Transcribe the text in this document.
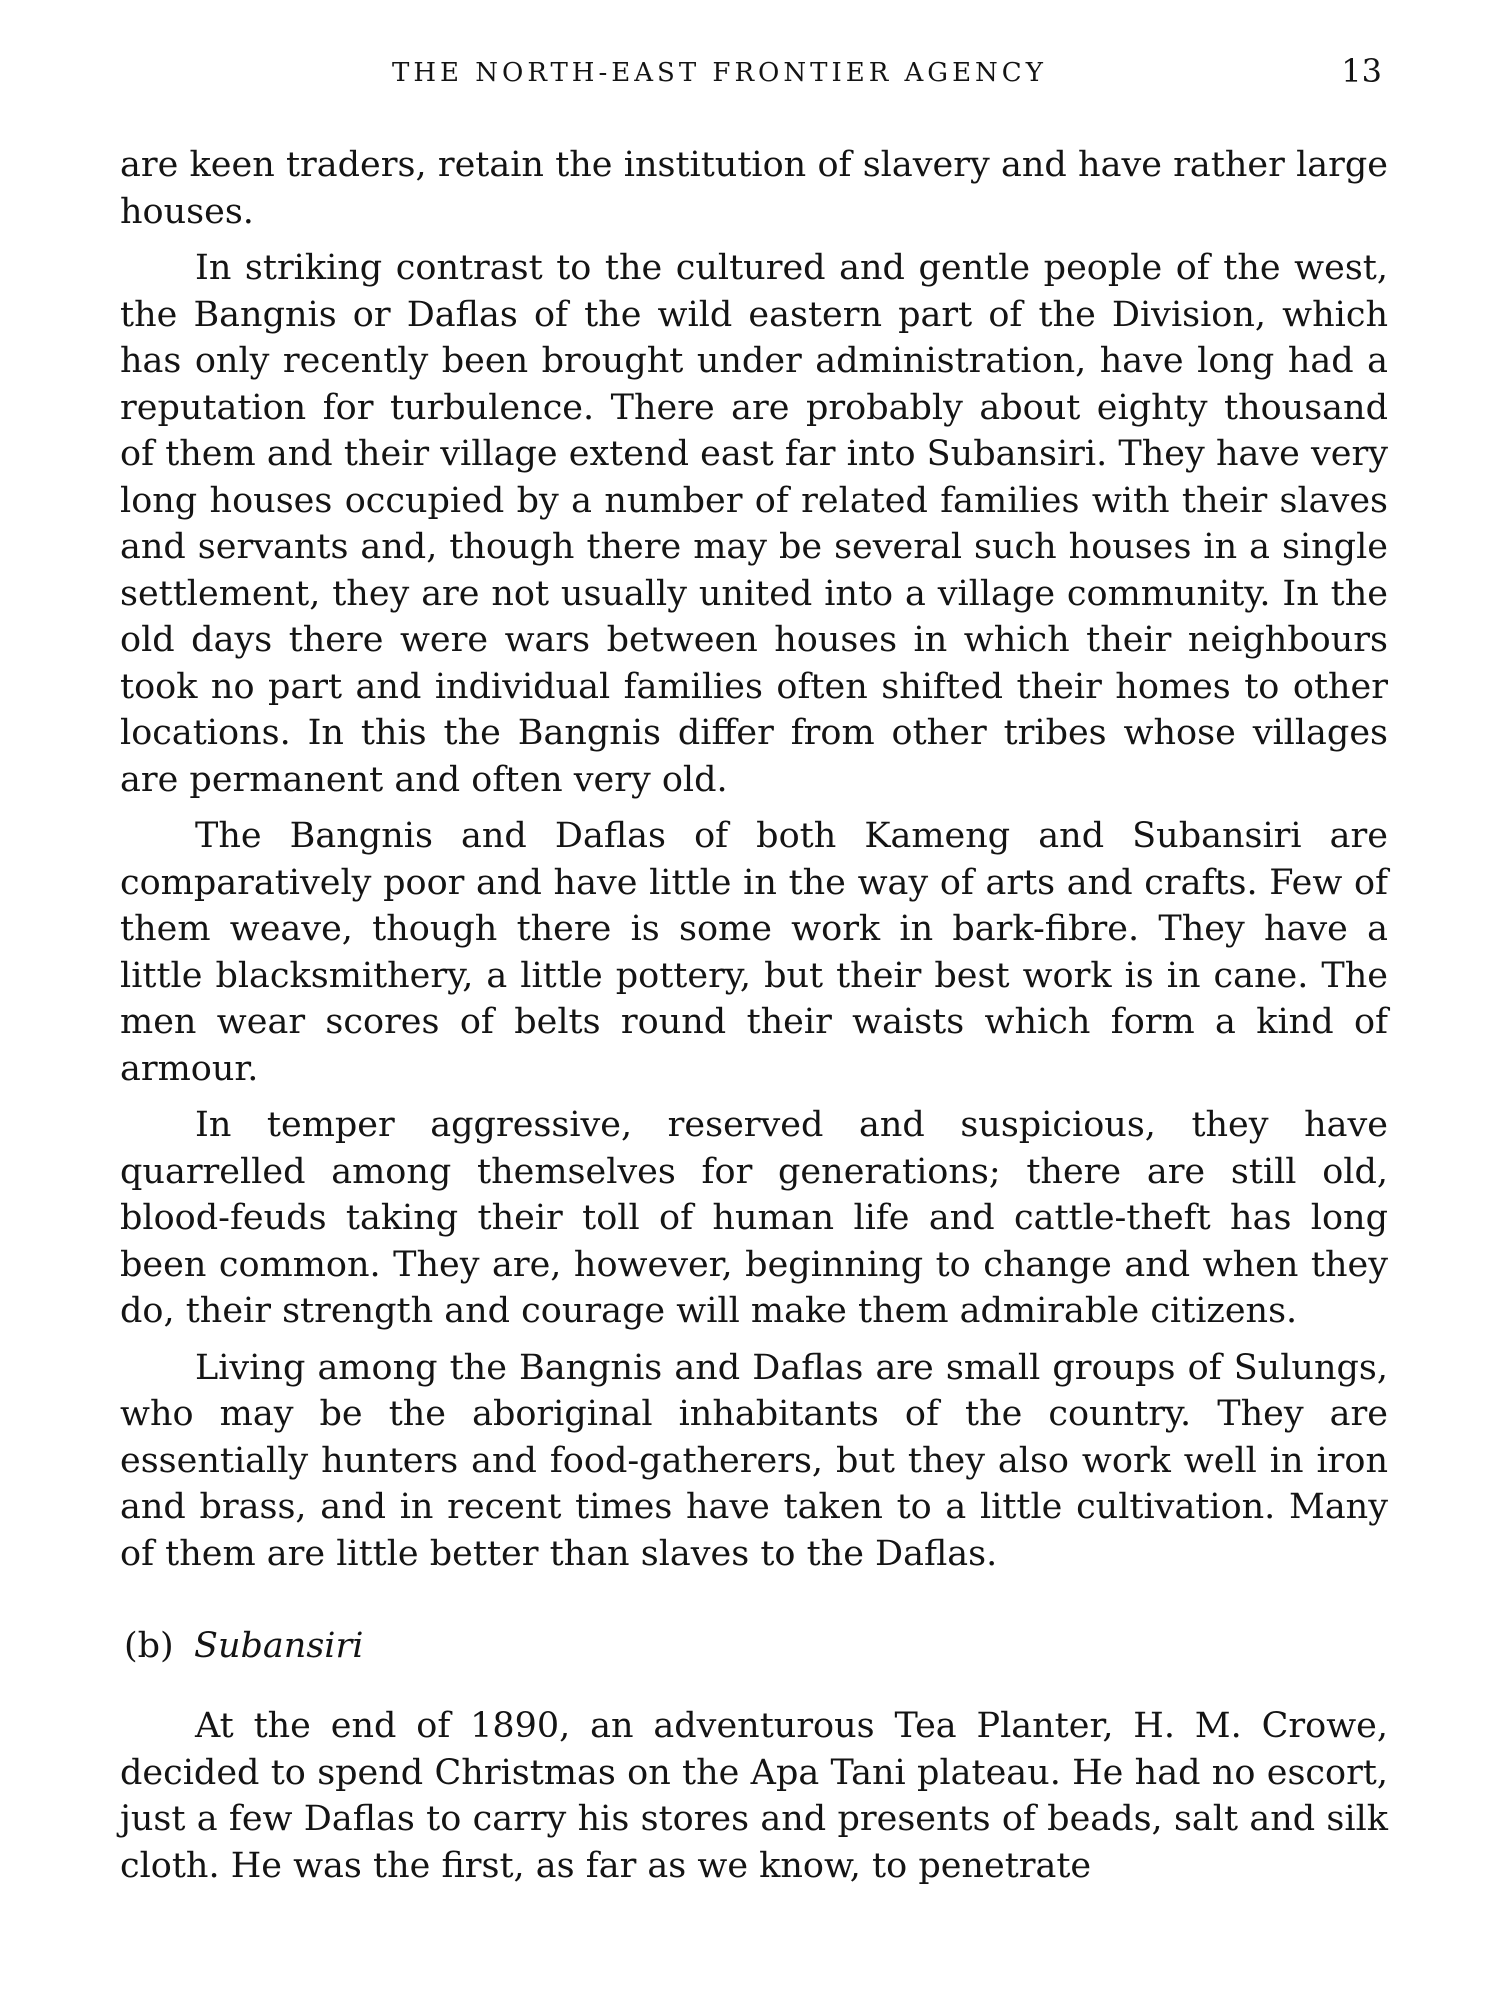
THE NORTH-EAST FRONTIER AGENCY	13

are keen traders, retain the institution of slavery and have rather large houses.

In striking contrast to the cultured and gentle people of the west, the Bangnis or Daflas of the wild eastern part of the Division, which has only recently been brought under administration, have long had a reputation for turbulence. There are probably about eighty thousand of them and their village extend east far into Subansiri. They have very long houses occupied by a number of related families with their slaves and servants and, though there may be several such houses in a single settlement, they are not usually united into a village community. In the old days there were wars between houses in which their neighbours took no part and individual families often shifted their homes to other locations. In this the Bangnis differ from other tribes whose villages are permanent and often very old.

The Bangnis and Daflas of both Kameng and Subansiri are comparatively poor and have little in the way of arts and crafts. Few of them weave, though there is some work in bark-fibre. They have a little blacksmithery, a little pottery, but their best work is in cane. The men wear scores of belts round their waists which form a kind of armour.

In temper aggressive, reserved and suspicious, they have quarrelled among themselves for generations; there are still old, blood-feuds taking their toll of human life and cattle-theft has long been common. They are, however, beginning to change and when they do, their strength and courage will make them admirable citizens.

Living among the Bangnis and Daflas are small groups of Sulungs, who may be the aboriginal inhabitants of the country. They are essentially hunters and food-gatherers, but they also work well in iron and brass, and in recent times have taken to a little cultivation. Many of them are little better than slaves to the Daflas.

(b) Subansiri

At the end of 1890, an adventurous Tea Planter, H. M. Crowe, decided to spend Christmas on the Apa Tani plateau. He had no escort, just a few Daflas to carry his stores and presents of beads, salt and silk cloth. He was the first, as far as we know, to penetrate
